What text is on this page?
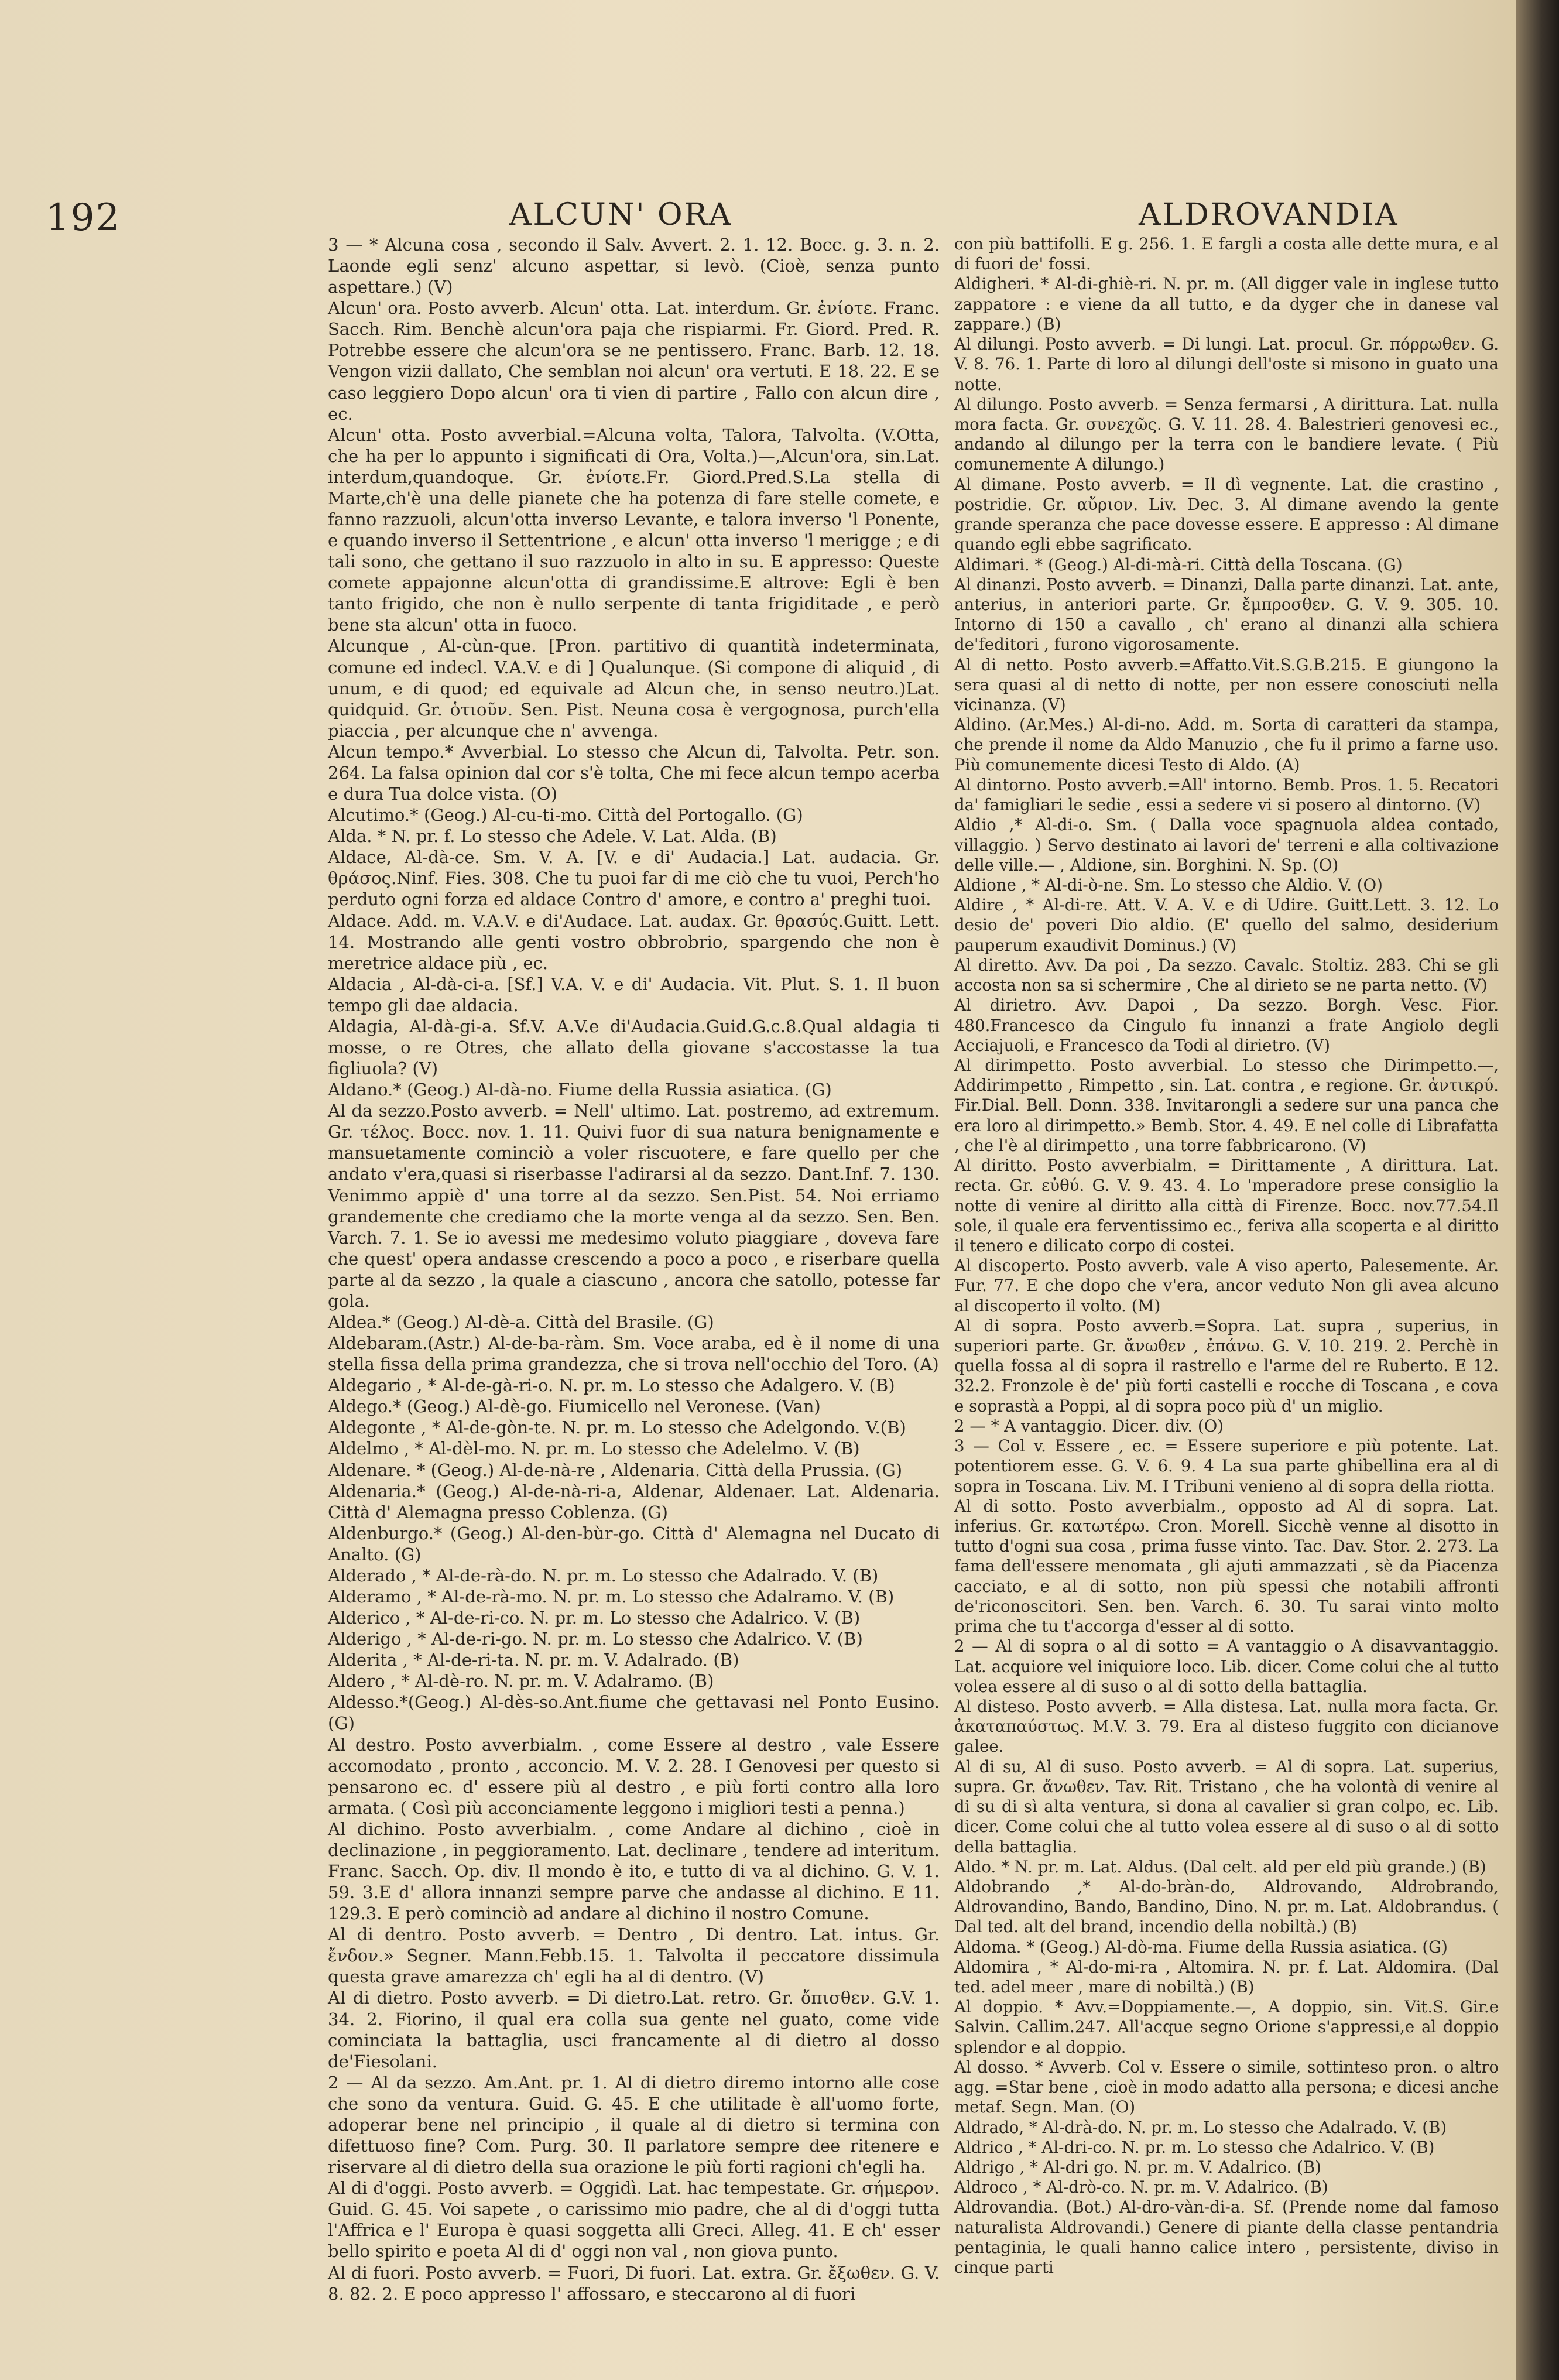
192	ALCUN' ORA	ALDROVANDIA

3 — * Alcuna cosa , secondo il Salv. Avvert. 2. 1. 12. Bocc. g. 3. n. 2. Laonde egli senz' alcuno aspettar, si levò. (Cioè, senza punto aspettare.) (V)

Alcun' ora. Posto avverb. Alcun' otta. Lat. interdum. Gr. ἐνίοτε. Franc. Sacch. Rim. Benchè alcun'ora paja che rispiarmi. Fr. Giord. Pred. R. Potrebbe essere che alcun'ora se ne pentissero. Franc. Barb. 12. 18. Vengon vizii dallato, Che semblan noi alcun' ora vertuti. E 18. 22. E se caso leggiero Dopo alcun' ora ti vien di partire , Fallo con alcun dire , ec.

Alcun' otta. Posto avverbial.=Alcuna volta, Talora, Talvolta. (V.Otta, che ha per lo appunto i significati di Ora, Volta.)—,Alcun'ora, sin.Lat. interdum,quandoque. Gr. ἐνίοτε.Fr. Giord.Pred.S.La stella di Marte,ch'è una delle pianete che ha potenza di fare stelle comete, e fanno razzuoli, alcun'otta inverso Levante, e talora inverso 'l Ponente, e quando inverso il Settentrione , e alcun' otta inverso 'l merigge ; e di tali sono, che gettano il suo razzuolo in alto in su. E appresso: Queste comete appajonne alcun'otta di grandissime.E altrove: Egli è ben tanto frigido, che non è nullo serpente di tanta frigiditade , e però bene sta alcun' otta in fuoco.

Alcunque , Al-cùn-que. [Pron. partitivo di quantità indeterminata, comune ed indecl. V.A.V. e di ] Qualunque. (Si compone di aliquid , di unum, e di quod; ed equivale ad Alcun che, in senso neutro.)Lat. quidquid. Gr. ὁτιοῦν. Sen. Pist. Neuna cosa è vergognosa, purch'ella piaccia , per alcunque che n' avvenga.

Alcun tempo.* Avverbial. Lo stesso che Alcun di, Talvolta. Petr. son. 264. La falsa opinion dal cor s'è tolta, Che mi fece alcun tempo acerba e dura Tua dolce vista. (O)

Alcutimo.* (Geog.) Al-cu-ti-mo. Città del Portogallo. (G)

Alda. * N. pr. f. Lo stesso che Adele. V. Lat. Alda. (B)

Aldace, Al-dà-ce. Sm. V. A. [V. e di' Audacia.] Lat. audacia. Gr. θράσος.Ninf. Fies. 308. Che tu puoi far di me ciò che tu vuoi, Perch'ho perduto ogni forza ed aldace Contro d' amore, e contro a' preghi tuoi.

Aldace. Add. m. V.A.V. e di'Audace. Lat. audax. Gr. θρασύς.Guitt. Lett. 14. Mostrando alle genti vostro obbrobrio, spargendo che non è meretrice aldace più , ec.

Aldacia , Al-dà-ci-a. [Sf.] V.A. V. e di' Audacia. Vit. Plut. S. 1. Il buon tempo gli dae aldacia.

Aldagia, Al-dà-gi-a. Sf.V. A.V.e di'Audacia.Guid.G.c.8.Qual aldagia ti mosse, o re Otres, che allato della giovane s'accostasse la tua figliuola? (V)

Aldano.* (Geog.) Al-dà-no. Fiume della Russia asiatica. (G)

Al da sezzo.Posto avverb. = Nell' ultimo. Lat. postremo, ad extremum. Gr. τέλος. Bocc. nov. 1. 11. Quivi fuor di sua natura benignamente e mansuetamente cominciò a voler riscuotere, e fare quello per che andato v'era,quasi si riserbasse l'adirarsi al da sezzo. Dant.Inf. 7. 130. Venimmo appiè d' una torre al da sezzo. Sen.Pist. 54. Noi erriamo grandemente che crediamo che la morte venga al da sezzo. Sen. Ben. Varch. 7. 1. Se io avessi me medesimo voluto piaggiare , doveva fare che quest' opera andasse crescendo a poco a poco , e riserbare quella parte al da sezzo , la quale a ciascuno , ancora che satollo, potesse far gola.

Aldea.* (Geog.) Al-dè-a. Città del Brasile. (G)

Aldebaram.(Astr.) Al-de-ba-ràm. Sm. Voce araba, ed è il nome di una stella fissa della prima grandezza, che si trova nell'occhio del Toro. (A)

Aldegario , * Al-de-gà-ri-o. N. pr. m. Lo stesso che Adalgero. V. (B)

Aldego.* (Geog.) Al-dè-go. Fiumicello nel Veronese. (Van)

Aldegonte , * Al-de-gòn-te. N. pr. m. Lo stesso che Adelgondo. V.(B)

Aldelmo , * Al-dèl-mo. N. pr. m. Lo stesso che Adelelmo. V. (B)

Aldenare. * (Geog.) Al-de-nà-re , Aldenaria. Città della Prussia. (G)

Aldenaria.* (Geog.) Al-de-nà-ri-a, Aldenar, Aldenaer. Lat. Aldenaria. Città d' Alemagna presso Coblenza. (G)

Aldenburgo.* (Geog.) Al-den-bùr-go. Città d' Alemagna nel Ducato di Analto. (G)

Alderado , * Al-de-rà-do. N. pr. m. Lo stesso che Adalrado. V. (B)

Alderamo , * Al-de-rà-mo. N. pr. m. Lo stesso che Adalramo. V. (B)

Alderico , * Al-de-ri-co. N. pr. m. Lo stesso che Adalrico. V. (B)

Alderigo , * Al-de-ri-go. N. pr. m. Lo stesso che Adalrico. V. (B)

Alderita , * Al-de-ri-ta. N. pr. m. V. Adalrado. (B)

Aldero , * Al-dè-ro. N. pr. m. V. Adalramo. (B)

Aldesso.*(Geog.) Al-dès-so.Ant.fiume che gettavasi nel Ponto Eusino.(G)

Al destro. Posto avverbialm. , come Essere al destro , vale Essere accomodato , pronto , acconcio. M. V. 2. 28. I Genovesi per questo si pensarono ec. d' essere più al destro , e più forti contro alla loro armata. ( Così più acconciamente leggono i migliori testi a penna.)

Al dichino. Posto avverbialm. , come Andare al dichino , cioè in declinazione , in peggioramento. Lat. declinare , tendere ad interitum. Franc. Sacch. Op. div. Il mondo è ito, e tutto di va al dichino. G. V. 1. 59. 3.E d' allora innanzi sempre parve che andasse al dichino. E 11. 129.3. E però cominciò ad andare al dichino il nostro Comune.

Al di dentro. Posto avverb. = Dentro , Di dentro. Lat. intus. Gr. ἔνδον.» Segner. Mann.Febb.15. 1. Talvolta il peccatore dissimula questa grave amarezza ch' egli ha al di dentro. (V)

Al di dietro. Posto avverb. = Di dietro.Lat. retro. Gr. ὄπισθεν. G.V. 1. 34. 2. Fiorino, il qual era colla sua gente nel guato, come vide cominciata la battaglia, usci francamente al di dietro al dosso de'Fiesolani.

2 — Al da sezzo. Am.Ant. pr. 1. Al di dietro diremo intorno alle cose che sono da ventura. Guid. G. 45. E che utilitade è all'uomo forte, adoperar bene nel principio , il quale al di dietro si termina con difettuoso fine? Com. Purg. 30. Il parlatore sempre dee ritenere e riservare al di dietro della sua orazione le più forti ragioni ch'egli ha.

Al di d'oggi. Posto avverb. = Oggidì. Lat. hac tempestate. Gr. σήμερον. Guid. G. 45. Voi sapete , o carissimo mio padre, che al di d'oggi tutta l'Affrica e l' Europa è quasi soggetta alli Greci. Alleg. 41. E ch' esser bello spirito e poeta Al di d' oggi non val , non giova punto.

Al di fuori. Posto avverb. = Fuori, Di fuori. Lat. extra. Gr. ἔξωθεν. G. V. 8. 82. 2. E poco appresso l' affossaro, e steccarono al di fuori

con più battifolli. E g. 256. 1. E fargli a costa alle dette mura, e al di fuori de' fossi.

Aldigheri. * Al-di-ghiè-ri. N. pr. m. (All digger vale in inglese tutto zappatore : e viene da all tutto, e da dyger che in danese val zappare.) (B)

Al dilungi. Posto avverb. = Di lungi. Lat. procul. Gr. πόρρωθεν. G. V. 8. 76. 1. Parte di loro al dilungi dell'oste si misono in guato una notte.

Al dilungo. Posto avverb. = Senza fermarsi , A dirittura. Lat. nulla mora facta. Gr. συνεχῶς. G. V. 11. 28. 4. Balestrieri genovesi ec., andando al dilungo per la terra con le bandiere levate. ( Più comunemente A dilungo.)

Al dimane. Posto avverb. = Il dì vegnente. Lat. die crastino , postridie. Gr. αὔριον. Liv. Dec. 3. Al dimane avendo la gente grande speranza che pace dovesse essere. E appresso : Al dimane quando egli ebbe sagrificato.

Aldimari. * (Geog.) Al-di-mà-ri. Città della Toscana. (G)

Al dinanzi. Posto avverb. = Dinanzi, Dalla parte dinanzi. Lat. ante, anterius, in anteriori parte. Gr. ἔμπροσθεν. G. V. 9. 305. 10. Intorno di 150 a cavallo , ch' erano al dinanzi alla schiera de'feditori , furono vigorosamente.

Al di netto. Posto avverb.=Affatto.Vit.S.G.B.215. E giungono la sera quasi al di netto di notte, per non essere conosciuti nella vicinanza. (V)

Aldino. (Ar.Mes.) Al-di-no. Add. m. Sorta di caratteri da stampa, che prende il nome da Aldo Manuzio , che fu il primo a farne uso. Più comunemente dicesi Testo di Aldo. (A)

Al dintorno. Posto avverb.=All' intorno. Bemb. Pros. 1. 5. Recatori da' famigliari le sedie , essi a sedere vi si posero al dintorno. (V)

Aldio ,* Al-di-o. Sm. ( Dalla voce spagnuola aldea contado, villaggio. ) Servo destinato ai lavori de' terreni e alla coltivazione delle ville.— , Aldione, sin. Borghini. N. Sp. (O)

Aldione , * Al-di-ò-ne. Sm. Lo stesso che Aldio. V. (O)

Aldire , * Al-di-re. Att. V. A. V. e di Udire. Guitt.Lett. 3. 12. Lo desio de' poveri Dio aldio. (E' quello del salmo, desiderium pauperum exaudivit Dominus.) (V)

Al diretto. Avv. Da poi , Da sezzo. Cavalc. Stoltiz. 283. Chi se gli accosta non sa si schermire , Che al dirieto se ne parta netto. (V)

Al dirietro. Avv. Dapoi , Da sezzo. Borgh. Vesc. Fior. 480.Francesco da Cingulo fu innanzi a frate Angiolo degli Acciajuoli, e Francesco da Todi al dirietro. (V)

Al dirimpetto. Posto avverbial. Lo stesso che Dirimpetto.—, Addirimpetto , Rimpetto , sin. Lat. contra , e regione. Gr. ἀντικρύ. Fir.Dial. Bell. Donn. 338. Invitarongli a sedere sur una panca che era loro al dirimpetto.» Bemb. Stor. 4. 49. E nel colle di Librafatta , che l'è al dirimpetto , una torre fabbricarono. (V)

Al diritto. Posto avverbialm. = Dirittamente , A dirittura. Lat. recta. Gr. εὐθύ. G. V. 9. 43. 4. Lo 'mperadore prese consiglio la notte di venire al diritto alla città di Firenze. Bocc. nov.77.54.Il sole, il quale era ferventissimo ec., feriva alla scoperta e al diritto il tenero e dilicato corpo di costei.

Al discoperto. Posto avverb. vale A viso aperto, Palesemente. Ar. Fur. 77. E che dopo che v'era, ancor veduto Non gli avea alcuno al discoperto il volto. (M)

Al di sopra. Posto avverb.=Sopra. Lat. supra , superius, in superiori parte. Gr. ἄνωθεν , ἐπάνω. G. V. 10. 219. 2. Perchè in quella fossa al di sopra il rastrello e l'arme del re Ruberto. E 12. 32.2. Fronzole è de' più forti castelli e rocche di Toscana , e cova e soprastà a Poppi, al di sopra poco più d' un miglio.

2 — * A vantaggio. Dicer. div. (O)

3 — Col v. Essere , ec. = Essere superiore e più potente. Lat. potentiorem esse. G. V. 6. 9. 4 La sua parte ghibellina era al di sopra in Toscana. Liv. M. I Tribuni venieno al di sopra della riotta.

Al di sotto. Posto avverbialm., opposto ad Al di sopra. Lat. inferius. Gr. κατωτέρω. Cron. Morell. Sicchè venne al disotto in tutto d'ogni sua cosa , prima fusse vinto. Tac. Dav. Stor. 2. 273. La fama dell'essere menomata , gli ajuti ammazzati , sè da Piacenza cacciato, e al di sotto, non più spessi che notabili affronti de'riconoscitori. Sen. ben. Varch. 6. 30. Tu sarai vinto molto prima che tu t'accorga d'esser al di sotto.

2 — Al di sopra o al di sotto = A vantaggio o A disavvantaggio. Lat. acquiore vel iniquiore loco. Lib. dicer. Come colui che al tutto volea essere al di suso o al di sotto della battaglia.

Al disteso. Posto avverb. = Alla distesa. Lat. nulla mora facta. Gr. ἀκαταπαύστως. M.V. 3. 79. Era al disteso fuggito con dicianove galee.

Al di su, Al di suso. Posto avverb. = Al di sopra. Lat. superius, supra. Gr. ἄνωθεν. Tav. Rit. Tristano , che ha volontà di venire al di su di sì alta ventura, si dona al cavalier si gran colpo, ec. Lib. dicer. Come colui che al tutto volea essere al di suso o al di sotto della battaglia.

Aldo. * N. pr. m. Lat. Aldus. (Dal celt. ald per eld più grande.) (B)

Aldobrando ,* Al-do-bràn-do, Aldrovando, Aldrobrando, Aldrovandino, Bando, Bandino, Dino. N. pr. m. Lat. Aldobrandus. ( Dal ted. alt del brand, incendio della nobiltà.) (B)

Aldoma. * (Geog.) Al-dò-ma. Fiume della Russia asiatica. (G)

Aldomira , * Al-do-mi-ra , Altomira. N. pr. f. Lat. Aldomira. (Dal ted. adel meer , mare di nobiltà.) (B)

Al doppio. * Avv.=Doppiamente.—, A doppio, sin. Vit.S. Gir.e Salvin. Callim.247. All'acque segno Orione s'appressi,e al doppio splendor e al doppio.

Al dosso. * Avverb. Col v. Essere o simile, sottinteso pron. o altro agg. =Star bene , cioè in modo adatto alla persona; e dicesi anche metaf. Segn. Man. (O)

Aldrado, * Al-drà-do. N. pr. m. Lo stesso che Adalrado. V. (B)

Aldrico , * Al-dri-co. N. pr. m. Lo stesso che Adalrico. V. (B)

Aldrigo , * Al-dri go. N. pr. m. V. Adalrico. (B)

Aldroco , * Al-drò-co. N. pr. m. V. Adalrico. (B)

Aldrovandia. (Bot.) Al-dro-vàn-di-a. Sf. (Prende nome dal famoso naturalista Aldrovandi.) Genere di piante della classe pentandria pentaginia, le quali hanno calice intero , persistente, diviso in cinque parti
